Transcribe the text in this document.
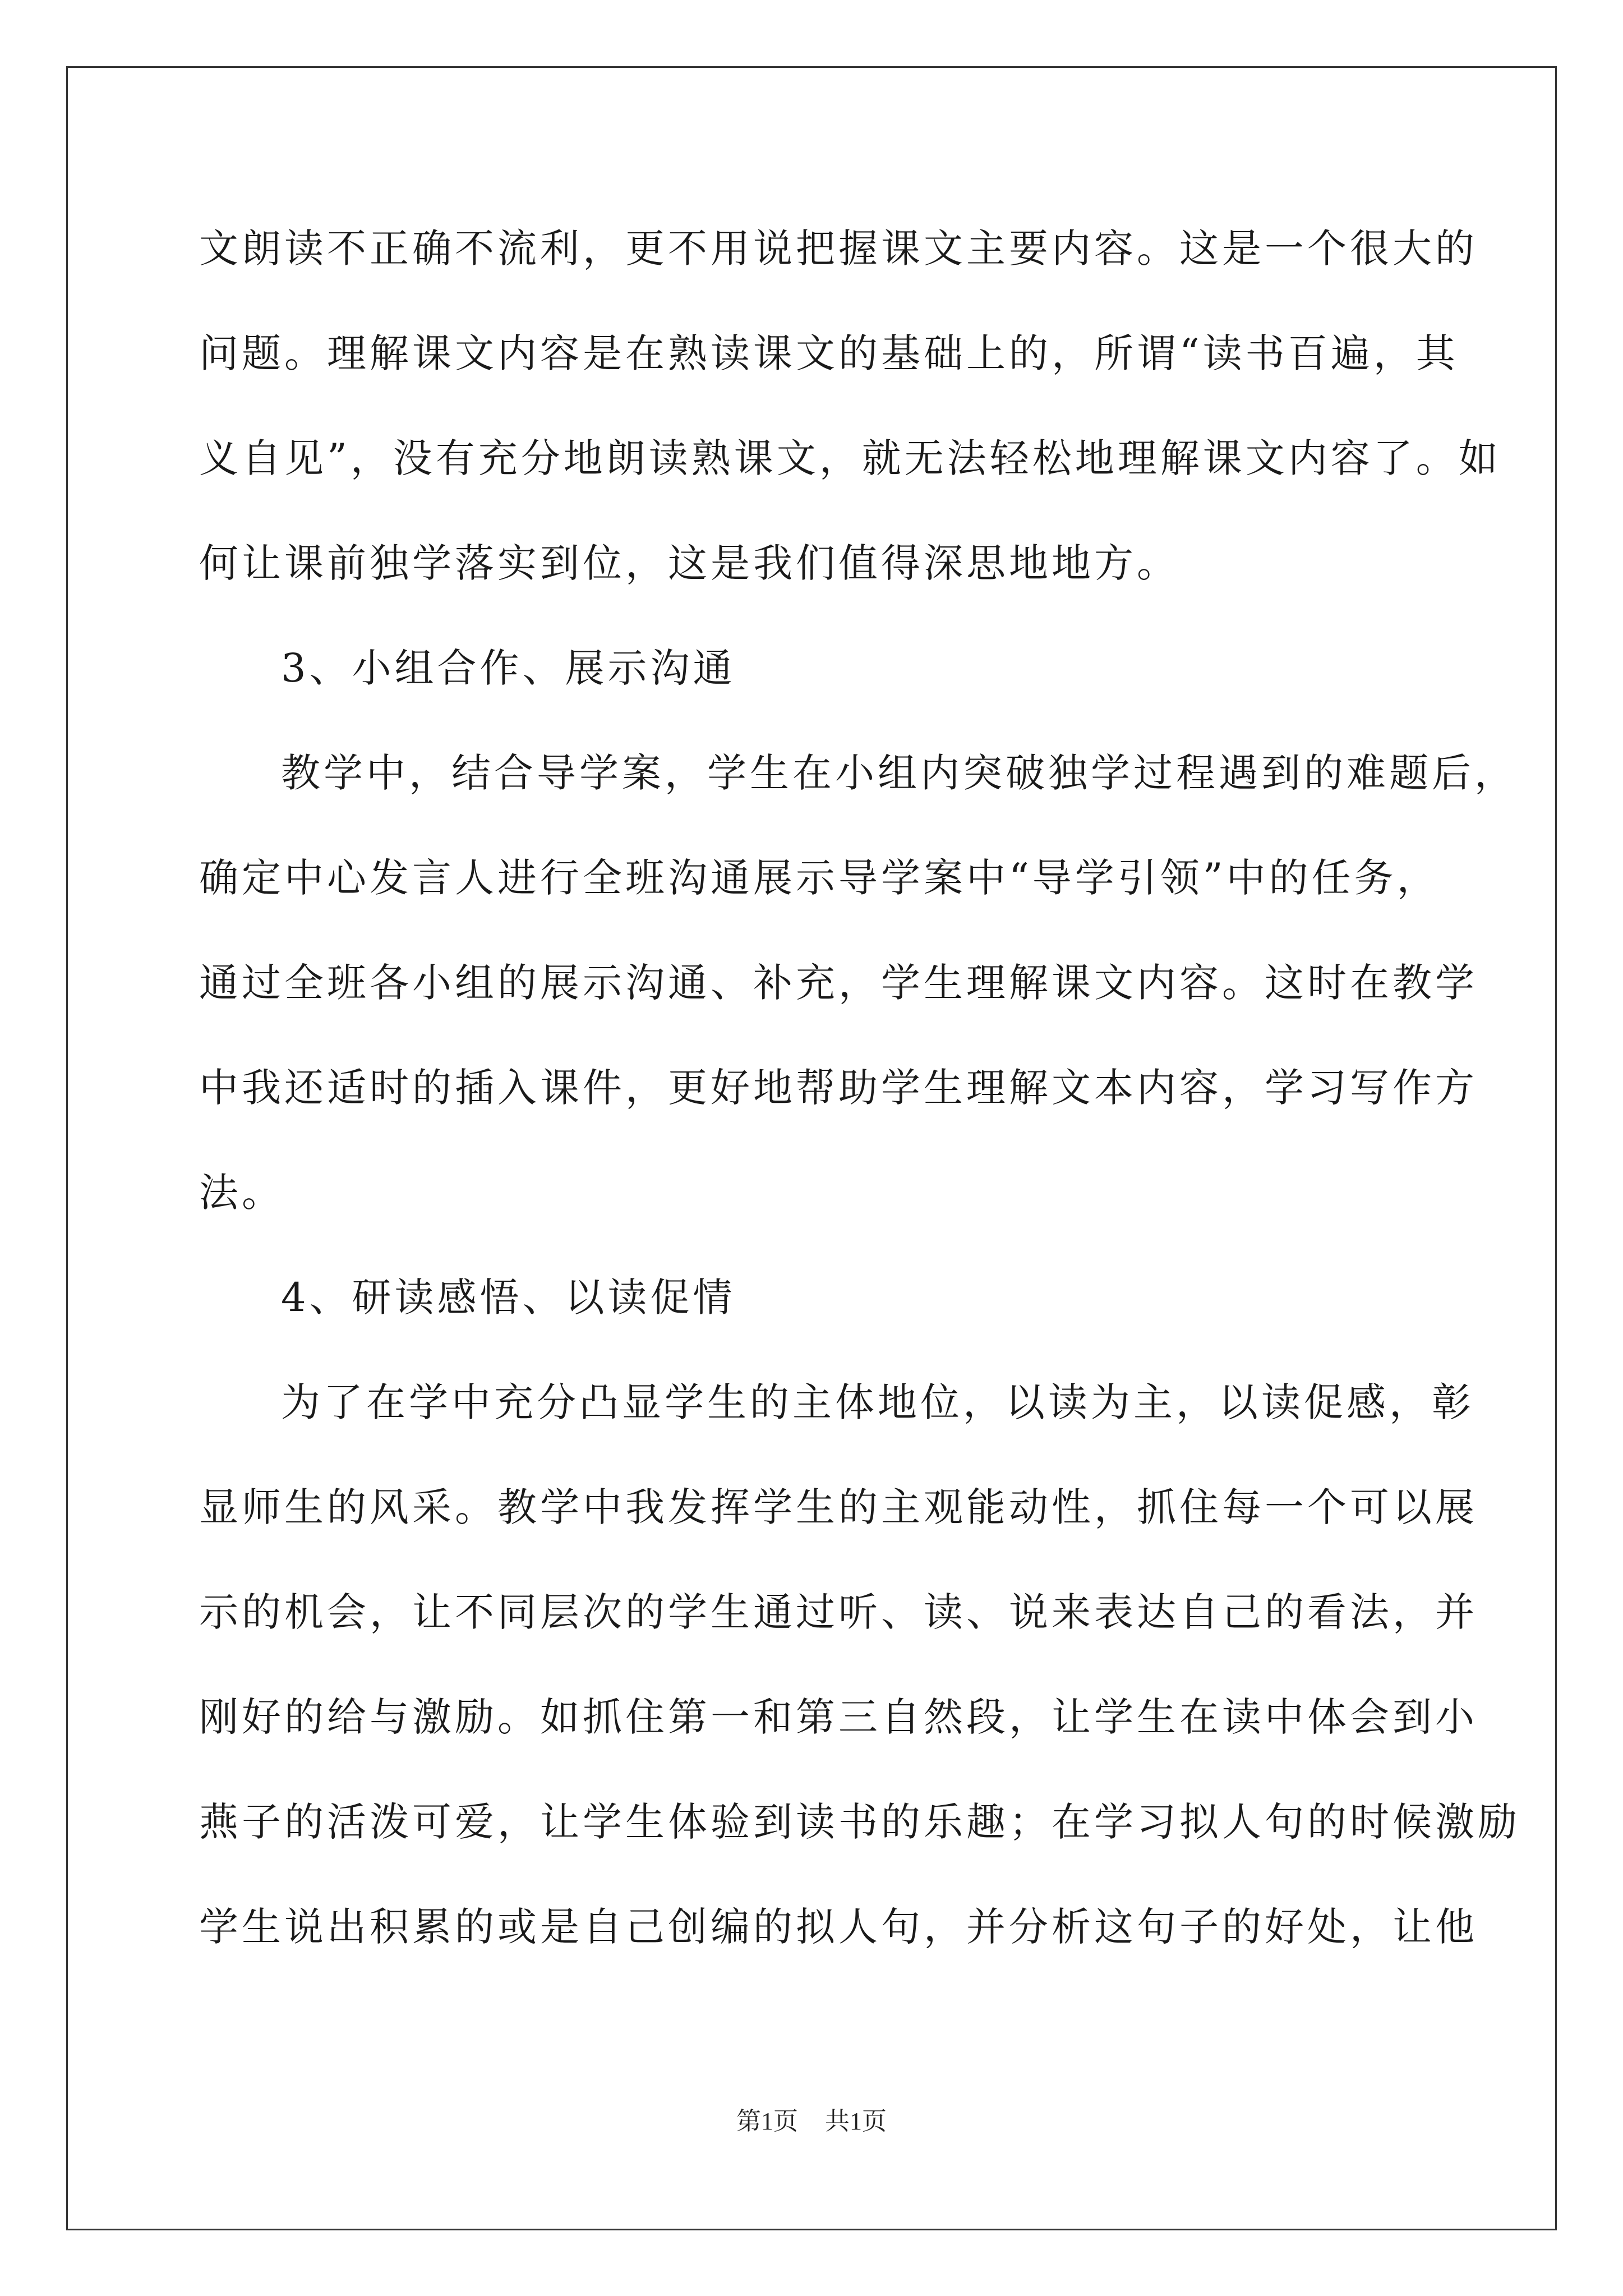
文朗读不正确不流利，更不用说把握课文主要内容。这是一个很大的
问题。理解课文内容是在熟读课文的基础上的，所谓“读书百遍，其
义自见”，没有充分地朗读熟课文，就无法轻松地理解课文内容了。如
何让课前独学落实到位，这是我们值得深思地地方。
3、小组合作、展示沟通
教学中，结合导学案，学生在小组内突破独学过程遇到的难题后，
确定中心发言人进行全班沟通展示导学案中“导学引领”中的任务，
通过全班各小组的展示沟通、补充，学生理解课文内容。这时在教学
中我还适时的插入课件，更好地帮助学生理解文本内容，学习写作方
法。
4、研读感悟、以读促情
为了在学中充分凸显学生的主体地位，以读为主，以读促感，彰
显师生的风采。教学中我发挥学生的主观能动性，抓住每一个可以展
示的机会，让不同层次的学生通过听、读、说来表达自己的看法，并
刚好的给与激励。如抓住第一和第三自然段，让学生在读中体会到小
燕子的活泼可爱，让学生体验到读书的乐趣；在学习拟人句的时候激励
学生说出积累的或是自己创编的拟人句，并分析这句子的好处，让他
第1页 共1页
